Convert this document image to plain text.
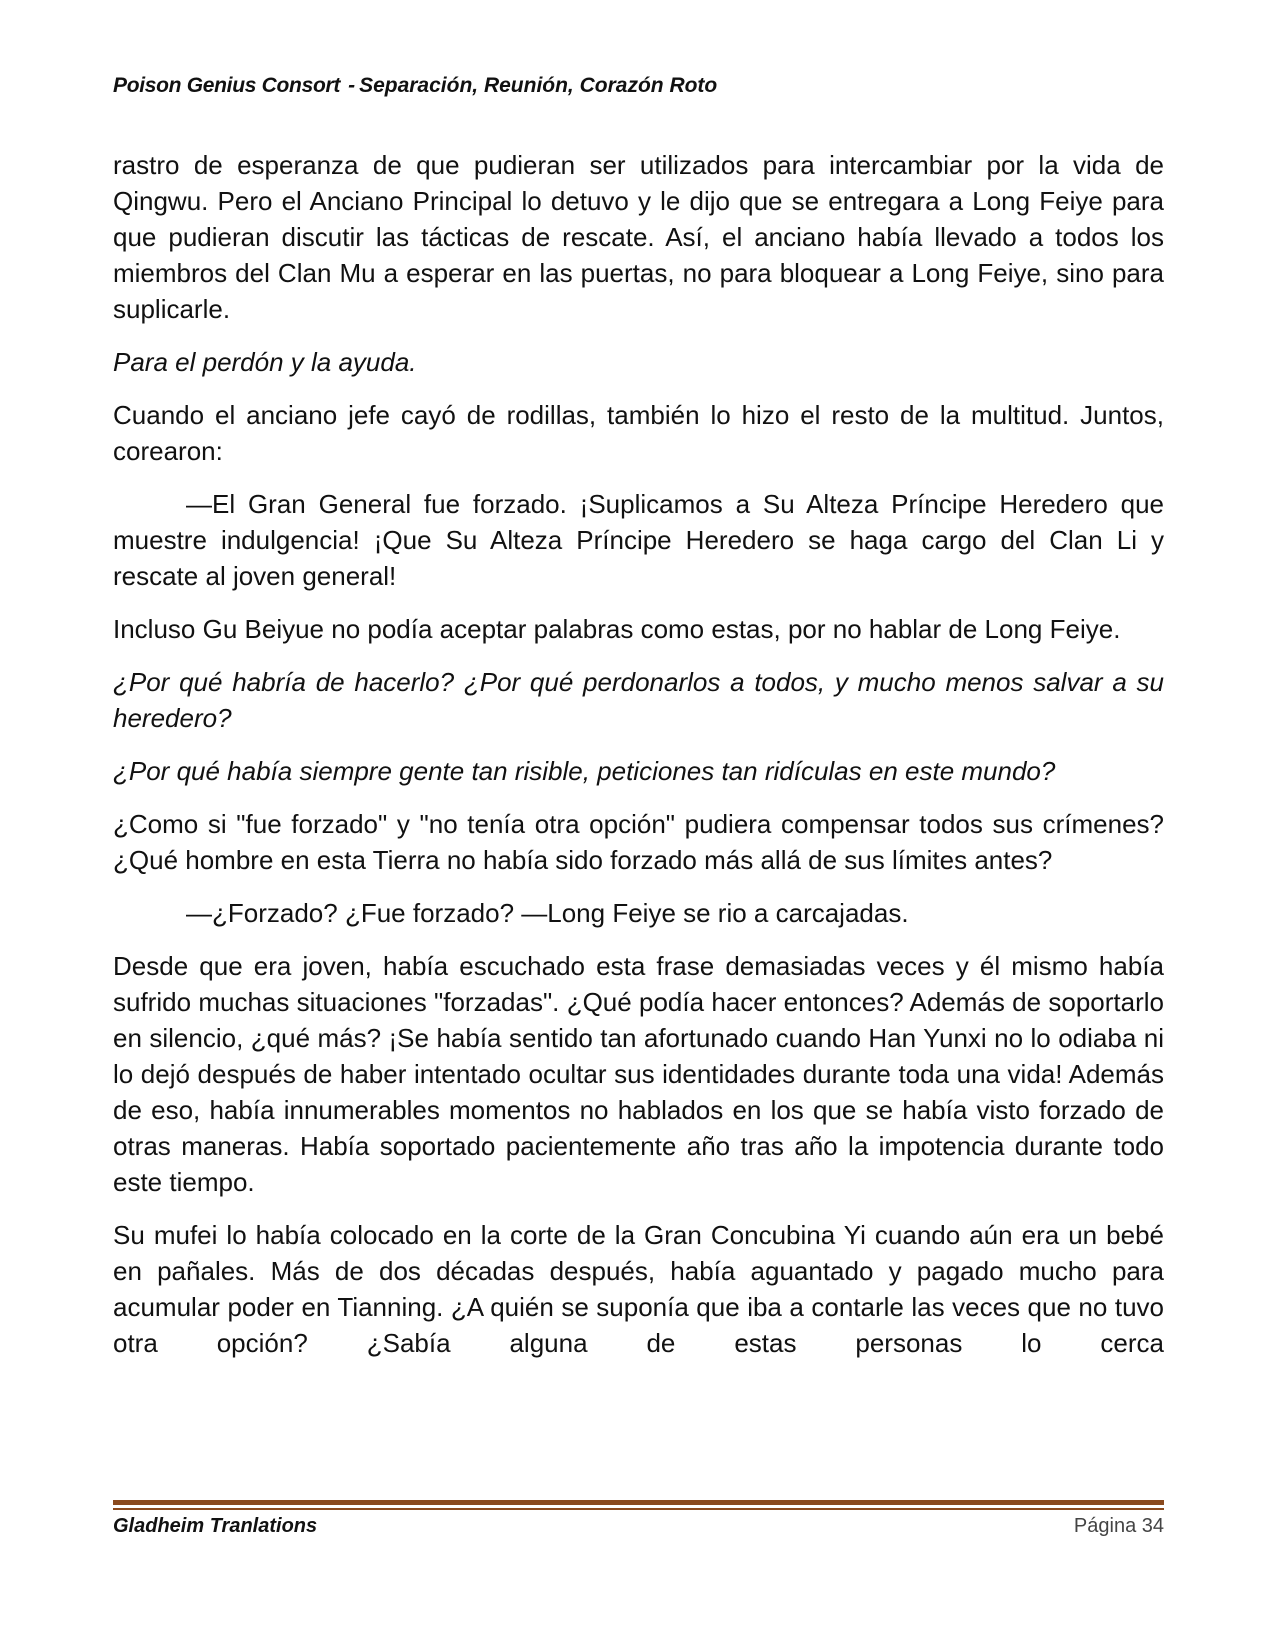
Poison Genius Consort - Separación, Reunión, Corazón Roto

rastro de esperanza de que pudieran ser utilizados para intercambiar por la vida de Qingwu. Pero el Anciano Principal lo detuvo y le dijo que se entregara a Long Feiye para que pudieran discutir las tácticas de rescate. Así, el anciano había llevado a todos los miembros del Clan Mu a esperar en las puertas, no para bloquear a Long Feiye, sino para suplicarle.

Para el perdón y la ayuda.

Cuando el anciano jefe cayó de rodillas, también lo hizo el resto de la multitud. Juntos, corearon:

—El Gran General fue forzado. ¡Suplicamos a Su Alteza Príncipe Heredero que muestre indulgencia! ¡Que Su Alteza Príncipe Heredero se haga cargo del Clan Li y rescate al joven general!

Incluso Gu Beiyue no podía aceptar palabras como estas, por no hablar de Long Feiye.

¿Por qué habría de hacerlo? ¿Por qué perdonarlos a todos, y mucho menos salvar a su heredero?

¿Por qué había siempre gente tan risible, peticiones tan ridículas en este mundo?

¿Como si "fue forzado" y "no tenía otra opción" pudiera compensar todos sus crímenes? ¿Qué hombre en esta Tierra no había sido forzado más allá de sus límites antes?

—¿Forzado? ¿Fue forzado? —Long Feiye se rio a carcajadas.

Desde que era joven, había escuchado esta frase demasiadas veces y él mismo había sufrido muchas situaciones "forzadas". ¿Qué podía hacer entonces? Además de soportarlo en silencio, ¿qué más? ¡Se había sentido tan afortunado cuando Han Yunxi no lo odiaba ni lo dejó después de haber intentado ocultar sus identidades durante toda una vida! Además de eso, había innumerables momentos no hablados en los que se había visto forzado de otras maneras. Había soportado pacientemente año tras año la impotencia durante todo este tiempo.

Su mufei lo había colocado en la corte de la Gran Concubina Yi cuando aún era un bebé en pañales. Más de dos décadas después, había aguantado y pagado mucho para acumular poder en Tianning. ¿A quién se suponía que iba a contarle las veces que no tuvo otra opción? ¿Sabía alguna de estas personas lo cerca

Gladheim Tranlations	Página 34
